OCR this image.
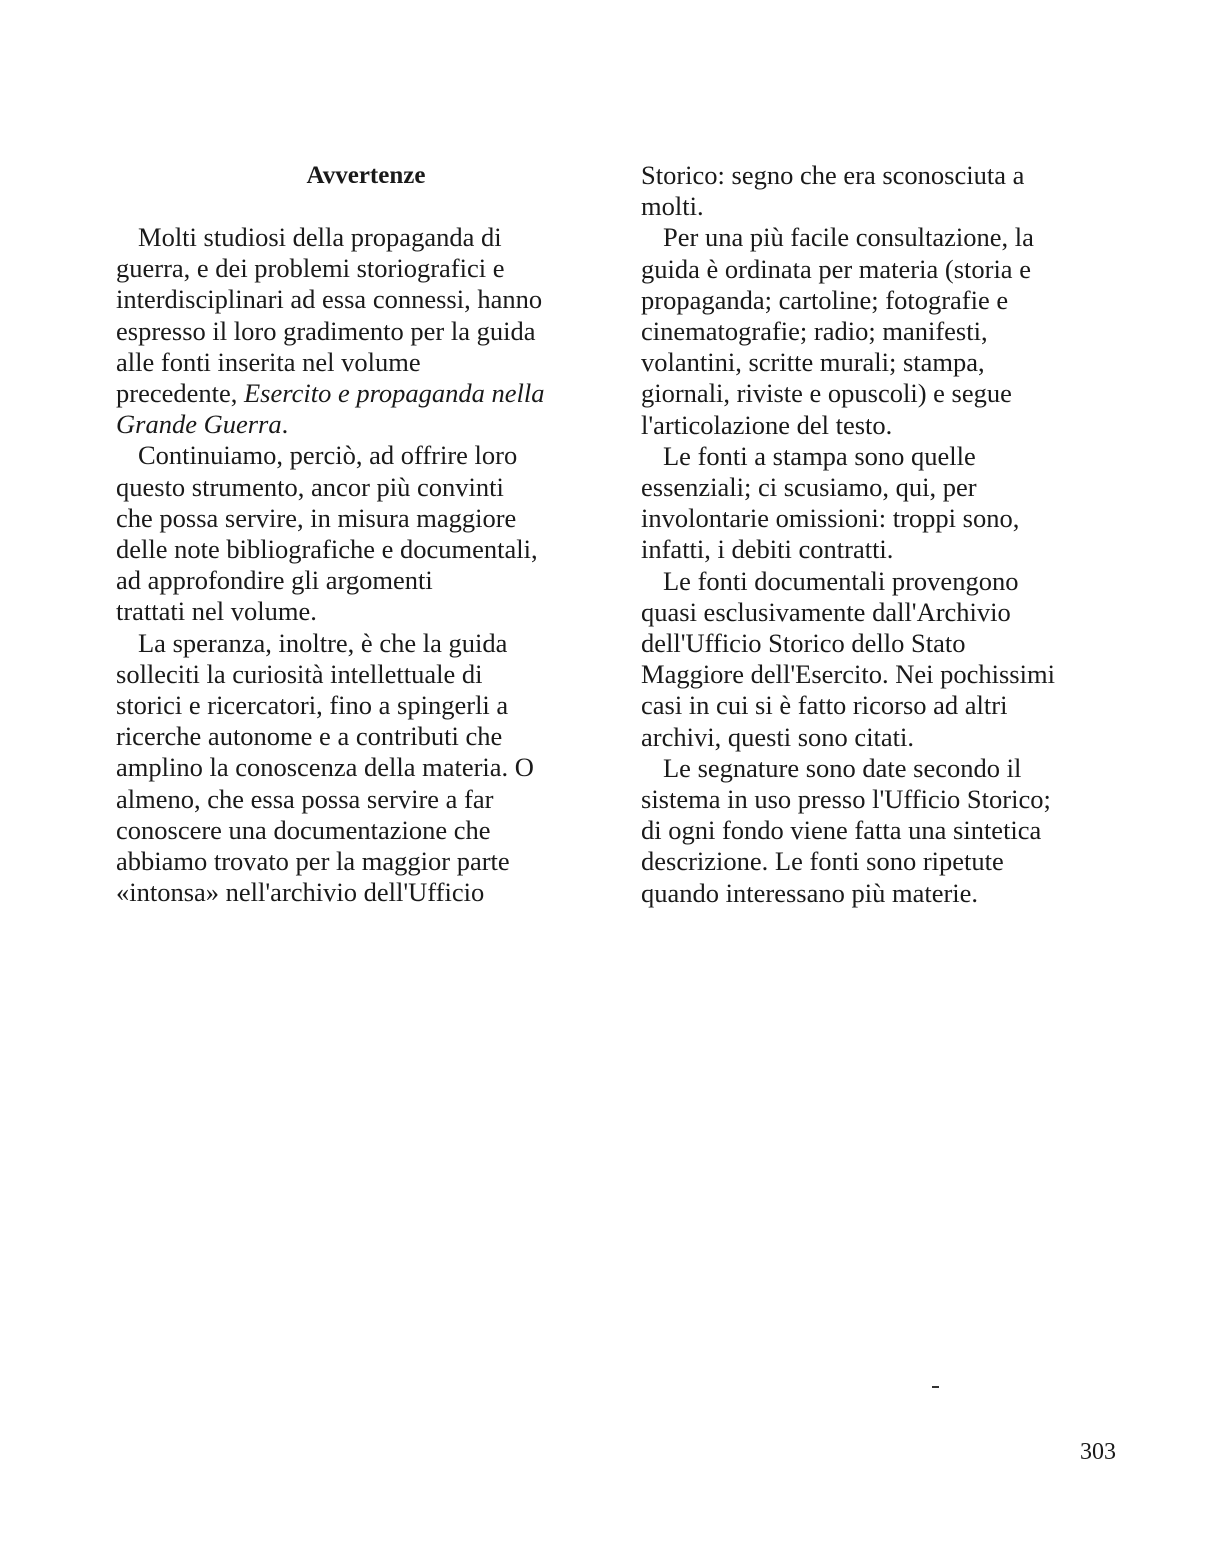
Avvertenze
Molti studiosi della propaganda di
guerra, e dei problemi storiografici e
interdisciplinari ad essa connessi, hanno
espresso il loro gradimento per la guida
alle fonti inserita nel volume
precedente, Esercito e propaganda nella
Grande Guerra.
Continuiamo, perciò, ad offrire loro
questo strumento, ancor più convinti
che possa servire, in misura maggiore
delle note bibliografiche e documentali,
ad approfondire gli argomenti
trattati nel volume.
La speranza, inoltre, è che la guida
solleciti la curiosità intellettuale di
storici e ricercatori, fino a spingerli a
ricerche autonome e a contributi che
amplino la conoscenza della materia. O
almeno, che essa possa servire a far
conoscere una documentazione che
abbiamo trovato per la maggior parte
«intonsa» nell'archivio dell'Ufficio
Storico: segno che era sconosciuta a
molti.
Per una più facile consultazione, la
guida è ordinata per materia (storia e
propaganda; cartoline; fotografie e
cinematografie; radio; manifesti,
volantini, scritte murali; stampa,
giornali, riviste e opuscoli) e segue
l'articolazione del testo.
Le fonti a stampa sono quelle
essenziali; ci scusiamo, qui, per
involontarie omissioni: troppi sono,
infatti, i debiti contratti.
Le fonti documentali provengono
quasi esclusivamente dall'Archivio
dell'Ufficio Storico dello Stato
Maggiore dell'Esercito. Nei pochissimi
casi in cui si è fatto ricorso ad altri
archivi, questi sono citati.
Le segnature sono date secondo il
sistema in uso presso l'Ufficio Storico;
di ogni fondo viene fatta una sintetica
descrizione. Le fonti sono ripetute
quando interessano più materie.
303
